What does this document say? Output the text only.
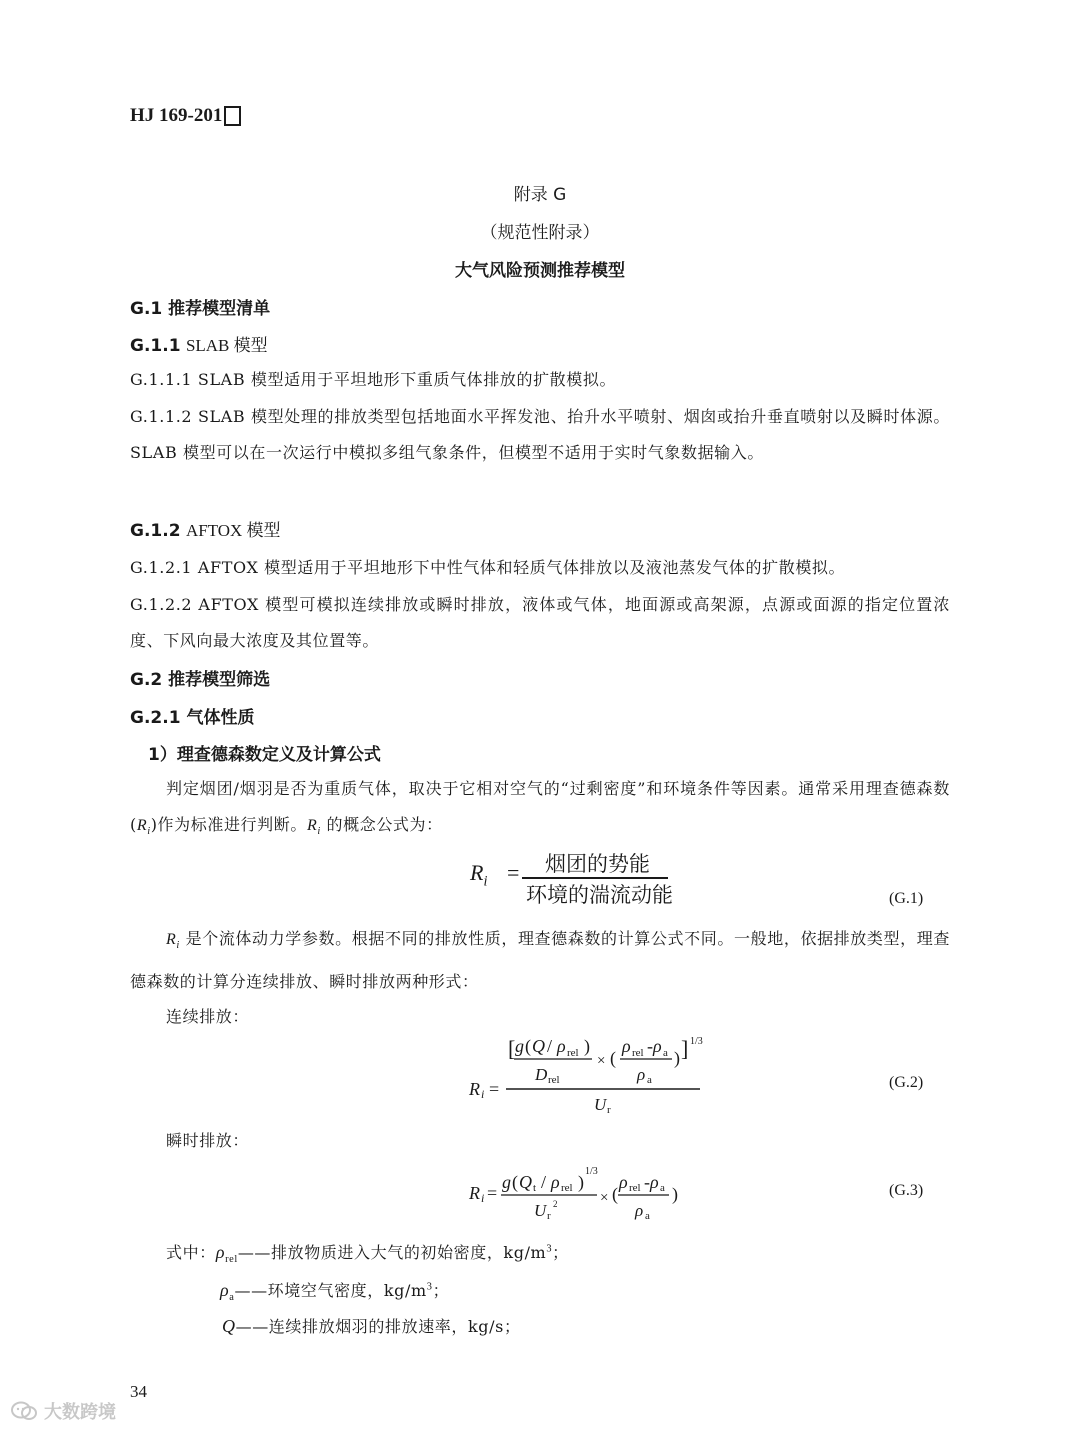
HJ 169-201
附录 G
（规范性附录）
大气风险预测推荐模型
G.1 推荐模型清单
G.1.1 SLAB 模型
G.1.1.1 SLAB 模型适用于平坦地形下重质气体排放的扩散模拟。
G.1.1.2 SLAB 模型处理的排放类型包括地面水平挥发池、抬升水平喷射、烟囱或抬升垂直喷射以及瞬时体源。SLAB 模型可以在一次运行中模拟多组气象条件，但模型不适用于实时气象数据输入。
G.1.2 AFTOX 模型
G.1.2.1 AFTOX 模型适用于平坦地形下中性气体和轻质气体排放以及液池蒸发气体的扩散模拟。
G.1.2.2 AFTOX 模型可模拟连续排放或瞬时排放，液体或气体，地面源或高架源，点源或面源的指定位置浓度、下风向最大浓度及其位置等。
G.2 推荐模型筛选
G.2.1 气体性质
1）理查德森数定义及计算公式
判定烟团/烟羽是否为重质气体，取决于它相对空气的“过剩密度”和环境条件等因素。通常采用理查德森数$(R_i)$作为标准进行判断。$R_i$ 的概念公式为：
$R_i$ = 烟团的势能
环境的湍流动能	(G.1)
$R_i$ 是个流体动力学参数。根据不同的排放性质，理查德森数的计算公式不同。一般地，依据排放类型，理查德森数的计算分连续排放、瞬时排放两种形式：
连续排放：
[ g ( Q / ρ rel )
D rel
× (
ρ rel - ρ a
ρ a
) ] 1/3
R i =
U r
(G.2)
瞬时排放：
R i =
g ( Q t / ρ rel )
1/3
U r
2	× (
ρ rel - ρ a
ρ a
)	(G.3)
式中：$\rho_{rel}——$排放物质进入大气的初始密度，$kg/m^3$；
$\rho_a——$环境空气密度，$kg/m^3$；
Q——连续排放烟羽的排放速率，kg/s；
34
大数跨境
